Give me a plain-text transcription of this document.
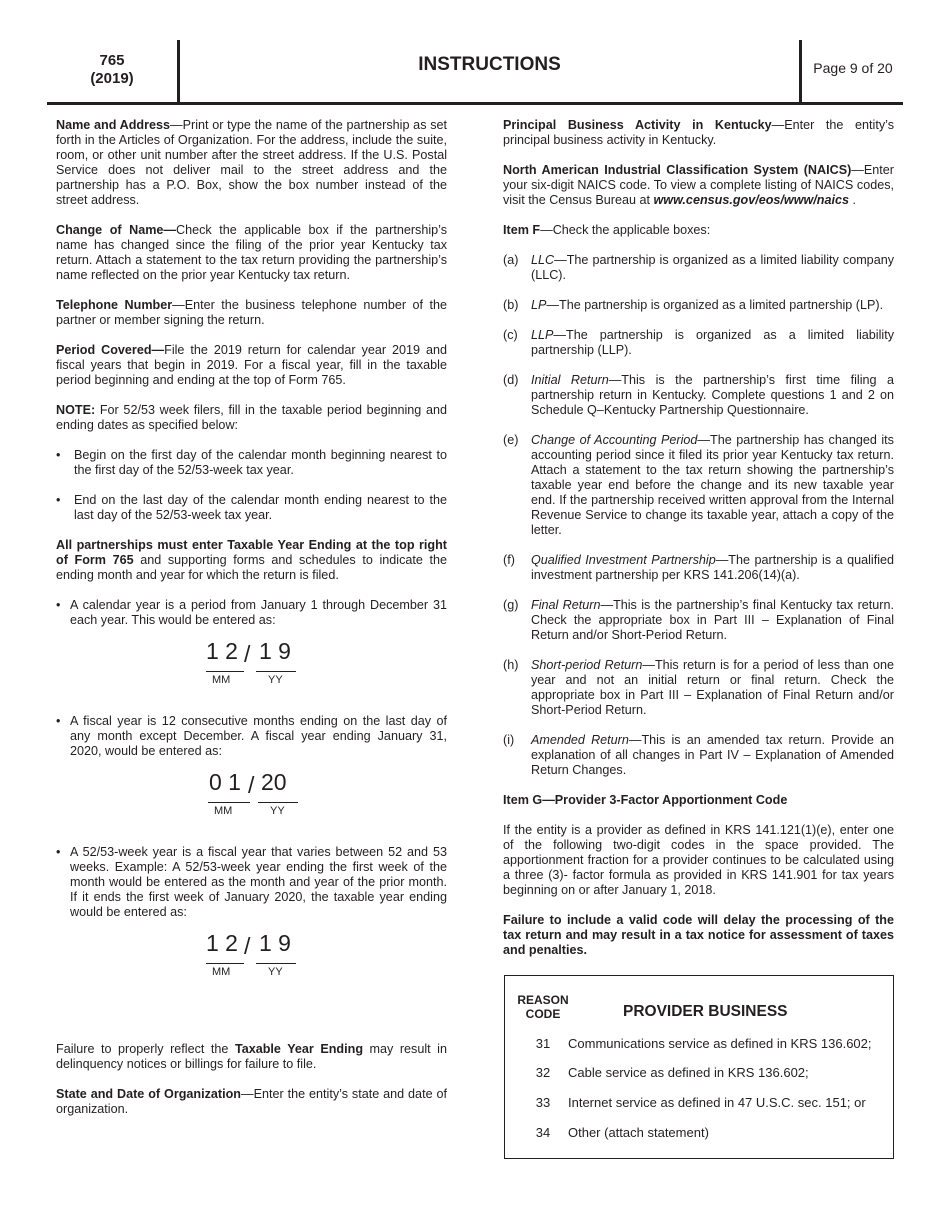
765
(2019)
INSTRUCTIONS	Page 9 of 20

Name and Address—Print or type the name of the partnership as set forth in the Articles of Organization. For the address, include the suite, room, or other unit number after the street address. If the U.S. Postal Service does not deliver mail to the street address and the partnership has a P.O. Box, show the box number instead of the street address.

Change of Name—Check the applicable box if the partnership’s name has changed since the filing of the prior year Kentucky tax return. Attach a statement to the tax return providing the partnership’s name reflected on the prior year Kentucky tax return.

Telephone Number—Enter the business telephone number of the partner or member signing the return.

Period Covered—File the 2019 return for calendar year 2019 and fiscal years that begin in 2019. For a fiscal year, fill in the taxable period beginning and ending at the top of Form 765.

NOTE: For 52/53 week filers, fill in the taxable period beginning and ending dates as specified below:

•	Begin on the first day of the calendar month beginning nearest to the first day of the 52/53-week tax year.
•	End on the last day of the calendar month ending nearest to the last day of the 52/53-week tax year.

All partnerships must enter Taxable Year Ending at the top right of Form 765 and supporting forms and schedules to indicate the ending month and year for which the return is filed.

• A calendar year is a period from January 1 through December 31 each year. This would be entered as:
1 2 / 1 9
MM	YY
• A fiscal year is 12 consecutive months ending on the last day of any month except December. A fiscal year ending January 31, 2020, would be entered as:
0 1 / 20
MM	YY
• A 52/53-week year is a fiscal year that varies between 52 and 53 weeks. Example: A 52/53-week year ending the first week of the month would be entered as the month and year of the prior month. If it ends the first week of January 2020, the taxable year ending would be entered as:
1 2 / 1 9
MM	YY

Failure to properly reflect the Taxable Year Ending may result in delinquency notices or billings for failure to file.

State and Date of Organization—Enter the entity’s state and date of organization.

Principal Business Activity in Kentucky—Enter the entity’s principal business activity in Kentucky.

North American Industrial Classification System (NAICS)—Enter your six-digit NAICS code. To view a complete listing of NAICS codes, visit the Census Bureau at www.census.gov/eos/www/naics .

Item F—Check the applicable boxes:

(a) LLC—The partnership is organized as a limited liability company (LLC).
(b) LP—The partnership is organized as a limited partnership (LP).
(c)	LLP—The partnership is organized as a limited liability partnership (LLP).
(d) Initial Return—This is the partnership’s first time filing a partnership return in Kentucky. Complete questions 1 and 2 on Schedule Q–Kentucky Partnership Questionnaire.
(e) Change of Accounting Period—The partnership has changed its accounting period since it filed its prior year Kentucky tax return. Attach a statement to the tax return showing the partnership’s taxable year end before the change and its new taxable year end. If the partnership received written approval from the Internal Revenue Service to change its taxable year, attach a copy of the letter.
(f)	Qualified Investment Partnership—The partnership is a qualified investment partnership per KRS 141.206(14)(a).
(g) Final Return—This is the partnership’s final Kentucky tax return. Check the appropriate box in Part III – Explanation of Final Return and/or Short-Period Return.
(h) Short-period Return—This return is for a period of less than one year and not an initial return or final return. Check the appropriate box in Part III – Explanation of Final Return and/or Short-Period Return.
(i)	Amended Return—This is an amended tax return. Provide an explanation of all changes in Part IV – Explanation of Amended Return Changes.

Item G—Provider 3-Factor Apportionment Code

If the entity is a provider as defined in KRS 141.121(1)(e), enter one of the following two-digit codes in the space provided. The apportionment fraction for a provider continues to be calculated using a three (3)- factor formula as provided in KRS 141.901 for tax years beginning on or after January 1, 2018.

Failure to include a valid code will delay the processing of the tax return and may result in a tax notice for assessment of taxes and penalties.

REASON
CODE	PROVIDER BUSINESS
31	Communications service as defined in KRS 136.602;
32	Cable service as defined in KRS 136.602;
33	Internet service as defined in 47 U.S.C. sec. 151; or
34	Other (attach statement)
